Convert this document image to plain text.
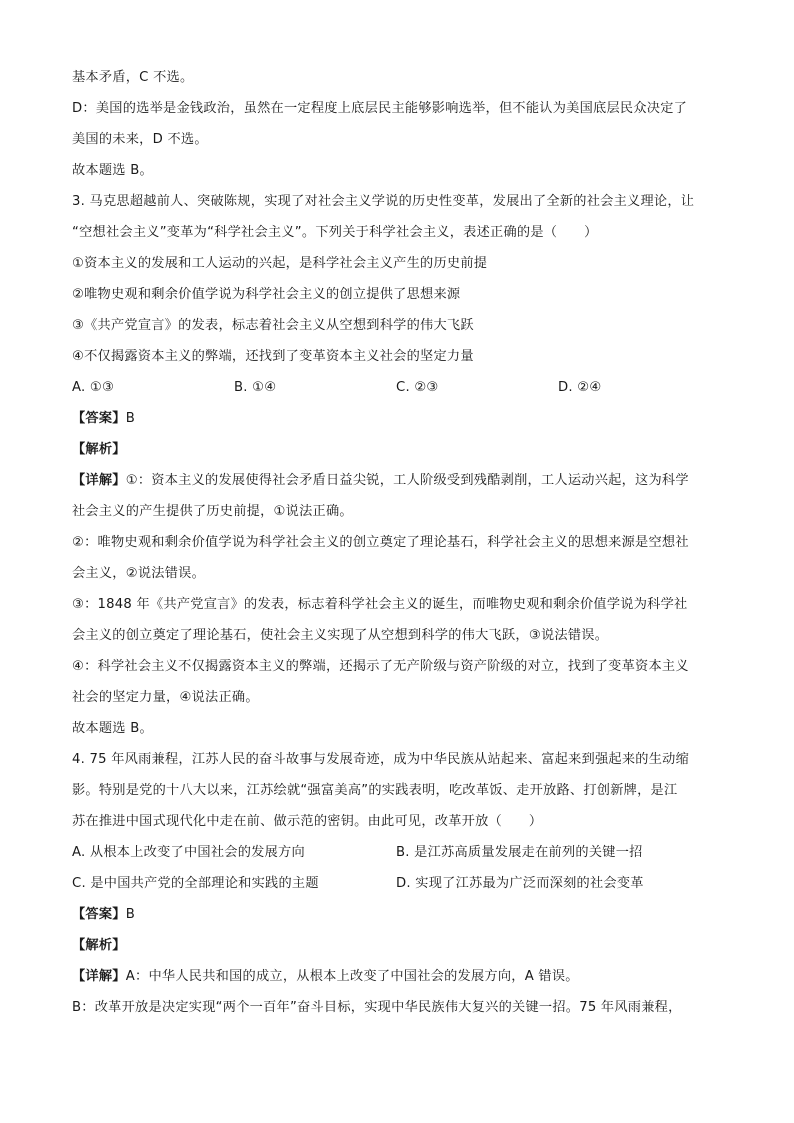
基本矛盾，C 不选。
D：美国的选举是金钱政治，虽然在一定程度上底层民主能够影响选举，但不能认为美国底层民众决定了
美国的未来，D 不选。
故本题选 B。
3. 马克思超越前人、突破陈规，实现了对社会主义学说的历史性变革，发展出了全新的社会主义理论，让
“空想社会主义”变革为“科学社会主义”。下列关于科学社会主义，表述正确的是（　　）
①资本主义的发展和工人运动的兴起，是科学社会主义产生的历史前提
②唯物史观和剩余价值学说为科学社会主义的创立提供了思想来源
③《共产党宣言》的发表，标志着社会主义从空想到科学的伟大飞跃
④不仅揭露资本主义的弊端，还找到了变革资本主义社会的坚定力量
A. ①③	B. ①④	C. ②③	D. ②④
【答案】B
【解析】
【详解】①：资本主义的发展使得社会矛盾日益尖锐，工人阶级受到残酷剥削，工人运动兴起，这为科学
社会主义的产生提供了历史前提，①说法正确。
②：唯物史观和剩余价值学说为科学社会主义的创立奠定了理论基石，科学社会主义的思想来源是空想社
会主义，②说法错误。
③：1848 年《共产党宣言》的发表，标志着科学社会主义的诞生，而唯物史观和剩余价值学说为科学社
会主义的创立奠定了理论基石，使社会主义实现了从空想到科学的伟大飞跃，③说法错误。
④：科学社会主义不仅揭露资本主义的弊端，还揭示了无产阶级与资产阶级的对立，找到了变革资本主义
社会的坚定力量，④说法正确。
故本题选 B。
4. 75 年风雨兼程，江苏人民的奋斗故事与发展奇迹，成为中华民族从站起来、富起来到强起来的生动缩
影。特别是党的十八大以来，江苏绘就“强富美高”的实践表明，吃改革饭、走开放路、打创新牌，是江
苏在推进中国式现代化中走在前、做示范的密钥。由此可见，改革开放（　　）
A. 从根本上改变了中国社会的发展方向	B. 是江苏高质量发展走在前列的关键一招
C. 是中国共产党的全部理论和实践的主题	D. 实现了江苏最为广泛而深刻的社会变革
【答案】B
【解析】
【详解】A：中华人民共和国的成立，从根本上改变了中国社会的发展方向，A 错误。
B：改革开放是决定实现“两个一百年”奋斗目标，实现中华民族伟大复兴的关键一招。75 年风雨兼程，
